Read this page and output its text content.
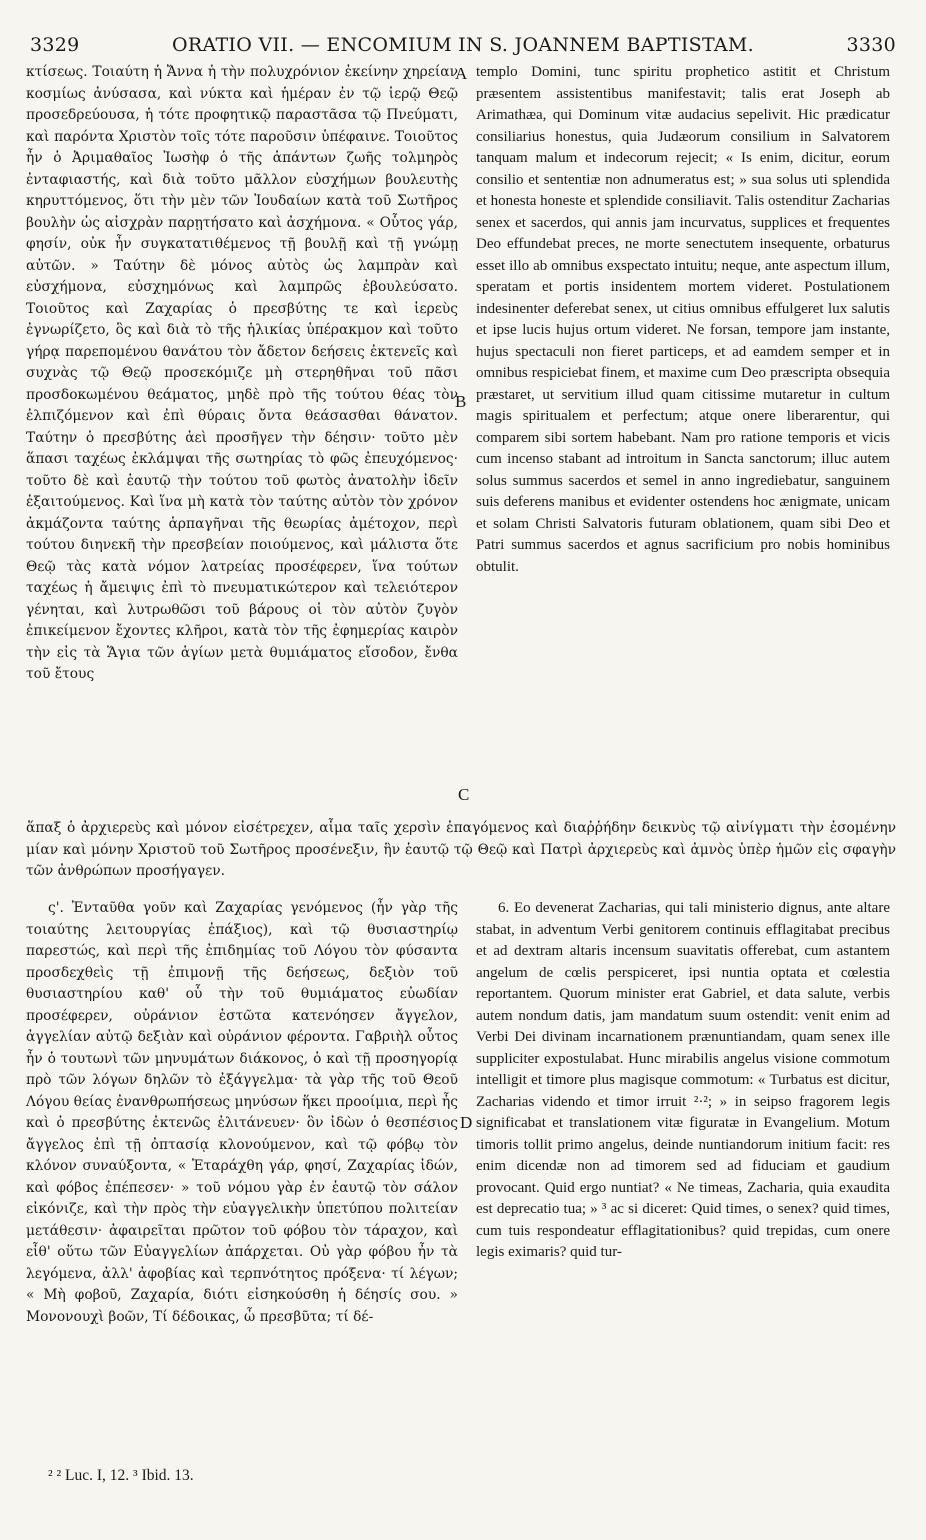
3329	ORATIO VII. — ENCOMIUM IN S. JOANNEM BAPTISTAM.	3330

κτίσεως. Τοιαύτη ἡ Ἄννα ἡ τὴν πολυχρόνιον ἐκείνην χηρείαν κοσμίως ἀνύσασα, καὶ νύκτα καὶ ἡμέραν ἐν τῷ ἱερῷ Θεῷ προσεδρεύουσα, ἡ τότε προφητικῷ παραστᾶσα τῷ Πνεύματι, καὶ παρόντα Χριστὸν τοῖς τότε παροῦσιν ὑπέφαινε. Τοιοῦτος ἦν ὁ Ἀριμαθαῖος Ἰωσὴφ ὁ τῆς ἁπάντων ζωῆς τολμηρὸς ἐνταφιαστής, καὶ διὰ τοῦτο μᾶλλον εὐσχήμων βουλευτὴς κηρυττόμενος, ὅτι τὴν μὲν τῶν Ἰουδαίων κατὰ τοῦ Σωτῆρος βουλὴν ὡς αἰσχρὰν παρῃτήσατο καὶ ἀσχήμονα. « Οὗτος γάρ, φησίν, οὐκ ἦν συγκατατιθέμενος τῇ βουλῇ καὶ τῇ γνώμῃ αὐτῶν. » Ταύτην δὲ μόνος αὐτὸς ὡς λαμπρὰν καὶ εὐσχήμονα, εὐσχημόνως καὶ λαμπρῶς ἐβουλεύσατο. Τοιοῦτος καὶ Ζαχαρίας ὁ πρεσβύτης τε καὶ ἱερεὺς ἐγνωρίζετο, ὃς καὶ διὰ τὸ τῆς ἡλικίας ὑπέρακμον καὶ τοῦτο γήρᾳ παρεπομένου θανάτου τὸν ἄδετον δεήσεις ἐκτενεῖς καὶ συχνὰς τῷ Θεῷ προσεκόμιζε μὴ στερηθῆναι τοῦ πᾶσι προσδοκωμένου θεάματος, μηδὲ πρὸ τῆς τούτου θέας τὸν ἐλπιζόμενον καὶ ἐπὶ θύραις ὄντα θεάσασθαι θάνατον. Ταύτην ὁ πρεσβύτης ἀεὶ προσῆγεν τὴν δέησιν· τοῦτο μὲν ἅπασι ταχέως ἐκλάμψαι τῆς σωτηρίας τὸ φῶς ἐπευχόμενος· τοῦτο δὲ καὶ ἑαυτῷ τὴν τούτου τοῦ φωτὸς ἀνατολὴν ἰδεῖν ἐξαιτούμενος. Καὶ ἵνα μὴ κατὰ τὸν ταύτης αὐτὸν τὸν χρόνον ἀκμάζοντα ταύτης ἁρπαγῆναι τῆς θεωρίας ἀμέτοχον, περὶ τούτου διηνεκῆ τὴν πρεσβείαν ποιούμενος, καὶ μάλιστα ὅτε Θεῷ τὰς κατὰ νόμον λατρείας προσέφερεν, ἵνα τούτων ταχέως ἡ ἄμειψις ἐπὶ τὸ πνευματικώτερον καὶ τελειότερον γένηται, καὶ λυτρωθῶσι τοῦ βάρους οἱ τὸν αὐτὸν ζυγὸν ἐπικείμενον ἔχοντες κλῆροι, κατὰ τὸν τῆς ἐφημερίας καιρὸν τὴν εἰς τὰ Ἅγια τῶν ἁγίων μετὰ θυμιάματος εἴσοδον, ἔνθα τοῦ ἔτους

templo Domini, tunc spiritu prophetico astitit et Christum præsentem assistentibus manifestavit; talis erat Joseph ab Arimathæa, qui Dominum vitæ audacius sepelivit. Hic prædicatur consiliarius honestus, quia Judæorum consilium in Salvatorem tanquam malum et indecorum rejecit; « Is enim, dicitur, eorum consilio et sententiæ non adnumeratus est; » sua solus uti splendida et honesta honeste et splendide consiliavit. Talis ostenditur Zacharias senex et sacerdos, qui annis jam incurvatus, supplices et frequentes Deo effundebat preces, ne morte senectutem insequente, orbaturus esset illo ab omnibus exspectato intuitu; neque, ante aspectum illum, speratam et portis insidentem mortem videret. Postulationem indesinenter deferebat senex, ut citius omnibus effulgeret lux salutis et ipse lucis hujus ortum videret. Ne forsan, tempore jam instante, hujus spectaculi non fieret particeps, et ad eamdem semper et in omnibus respiciebat finem, et maxime cum Deo præscripta obsequia præstaret, ut servitium illud quam citissime mutaretur in cultum magis spiritualem et perfectum; atque onere liberarentur, qui comparem sibi sortem habebant. Nam pro ratione temporis et vicis cum incenso stabant ad introitum in Sancta sanctorum; illuc autem solus summus sacerdos et semel in anno ingrediebatur, sanguinem suis deferens manibus et evidenter ostendens hoc ænigmate, unicam et solam Christi Salvatoris futuram oblationem, quam sibi Deo et Patri summus sacerdos et agnus sacrificium pro nobis hominibus obtulit.

A
B
C
D

ἅπαξ ὁ ἀρχιερεὺς καὶ μόνον εἰσέτρεχεν, αἷμα ταῖς χερσὶν ἐπαγόμενος καὶ διαῤῥήδην δεικνὺς τῷ αἰνίγματι τὴν ἐσομένην μίαν καὶ μόνην Χριστοῦ τοῦ Σωτῆρος προσένεξιν, ἣν ἑαυτῷ τῷ Θεῷ καὶ Πατρὶ ἀρχιερεὺς καὶ ἀμνὸς ὑπὲρ ἡμῶν εἰς σφαγὴν τῶν ἀνθρώπων προσήγαγεν.

ς'. Ἐνταῦθα γοῦν καὶ Ζαχαρίας γενόμενος (ἦν γὰρ τῆς τοιαύτης λειτουργίας ἐπάξιος), καὶ τῷ θυσιαστηρίῳ παρεστώς, καὶ περὶ τῆς ἐπιδημίας τοῦ Λόγου τὸν φύσαντα προσδεχθεὶς τῇ ἐπιμονῇ τῆς δεήσεως, δεξιὸν τοῦ θυσιαστηρίου καθ' οὗ τὴν τοῦ θυμιάματος εὐωδίαν προσέφερεν, οὐράνιον ἑστῶτα κατενόησεν ἄγγελον, ἀγγελίαν αὐτῷ δεξιὰν καὶ οὐράνιον φέροντα. Γαβριὴλ οὗτος ἦν ὁ τουτωνὶ τῶν μηνυμάτων διάκονος, ὁ καὶ τῇ προσηγορίᾳ πρὸ τῶν λόγων δηλῶν τὸ ἐξάγγελμα· τὰ γὰρ τῆς τοῦ Θεοῦ Λόγου θείας ἐνανθρωπήσεως μηνύσων ἥκει προοίμια, περὶ ἧς καὶ ὁ πρεσβύτης ἐκτενῶς ἐλιτάνευεν· ὃν ἰδὼν ὁ θεσπέσιος ἄγγελος ἐπὶ τῇ ὀπτασίᾳ κλονούμενον, καὶ τῷ φόβῳ τὸν κλόνον συναύξοντα, « Ἐταράχθη γάρ, φησί, Ζαχαρίας ἰδών, καὶ φόβος ἐπέπεσεν· » τοῦ νόμου γὰρ ἐν ἑαυτῷ τὸν σάλον εἰκόνιζε, καὶ τὴν πρὸς τὴν εὐαγγελικὴν ὑπετύπου πολιτείαν μετάθεσιν· ἀφαιρεῖται πρῶτον τοῦ φόβου τὸν τάραχον, καὶ εἶθ' οὕτω τῶν Εὐαγγελίων ἀπάρχεται. Οὐ γὰρ φόβου ἦν τὰ λεγόμενα, ἀλλ' ἀφοβίας καὶ τερπνότητος πρόξενα· τί λέγων; « Μὴ φοβοῦ, Ζαχαρία, διότι εἰσηκούσθη ἡ δέησίς σου. » Μονονουχὶ βοῶν, Τί δέδοικας, ὦ πρεσβῦτα; τί δέ-

6. Eo devenerat Zacharias, qui tali ministerio dignus, ante altare stabat, in adventum Verbi genitorem continuis efflagitabat precibus et ad dextram altaris incensum suavitatis offerebat, cum astantem angelum de cœlis perspiceret, ipsi nuntia optata et cœlestia reportantem. Quorum minister erat Gabriel, et data salute, verbis autem nondum datis, jam mandatum suum ostendit: venit enim ad Verbi Dei divinam incarnationem prænuntiandam, quam senex ille suppliciter expostulabat. Hunc mirabilis angelus visione commotum intelligit et timore plus magisque commotum: « Turbatus est dicitur, Zacharias videndo et timor irruit ²·²; » in seipso fragorem legis significabat et translationem vitæ figuratæ in Evangelium. Motum timoris tollit primo angelus, deinde nuntiandorum initium facit: res enim dicendæ non ad timorem sed ad fiduciam et gaudium provocant. Quid ergo nuntiat? « Ne timeas, Zacharia, quia exaudita est deprecatio tua; » ³ ac si diceret: Quid times, o senex? quid times, cum tuis respondeatur efflagitationibus? quid trepidas, cum onere legis eximaris? quid tur-

² ² Luc. I, 12. ³ Ibid. 13.
